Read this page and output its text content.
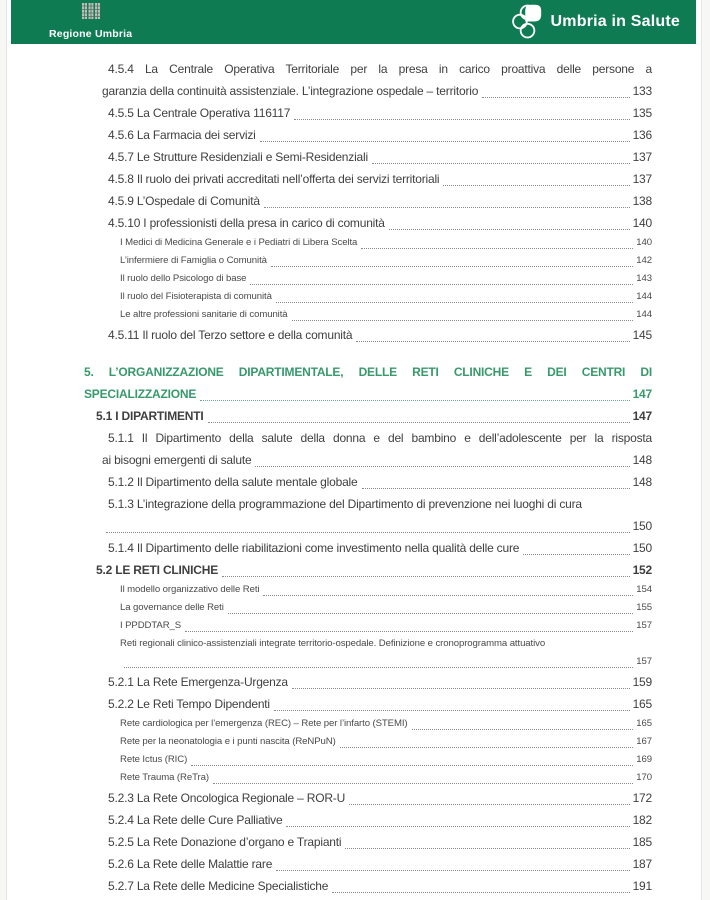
Regione Umbria
Umbria in Salute
4.5.4 La Centrale Operativa Territoriale per la presa in carico proattiva delle persone a
garanzia della continuità assistenziale. L’integrazione ospedale – territorio	133
4.5.5 La Centrale Operativa 116117	135
4.5.6 La Farmacia dei servizi	136
4.5.7 Le Strutture Residenziali e Semi-Residenziali	137
4.5.8 Il ruolo dei privati accreditati nell’offerta dei servizi territoriali	137
4.5.9 L’Ospedale di Comunità	138
4.5.10 I professionisti della presa in carico di comunità	140
I Medici di Medicina Generale e i Pediatri di Libera Scelta	140
L’infermiere di Famiglia o Comunità	142
Il ruolo dello Psicologo di base	143
Il ruolo del Fisioterapista di comunità	144
Le altre professioni sanitarie di comunità	144
4.5.11 Il ruolo del Terzo settore e della comunità	145
5. L’ORGANIZZAZIONE DIPARTIMENTALE, DELLE RETI CLINICHE E DEI CENTRI DI
SPECIALIZZAZIONE	147
5.1 I DIPARTIMENTI	147
5.1.1 Il Dipartimento della salute della donna e del bambino e dell’adolescente per la risposta
ai bisogni emergenti di salute	148
5.1.2 Il Dipartimento della salute mentale globale	148
5.1.3 L’integrazione della programmazione del Dipartimento di prevenzione nei luoghi di cura
150
5.1.4 Il Dipartimento delle riabilitazioni come investimento nella qualità delle cure	150
5.2 LE RETI CLINICHE	152
Il modello organizzativo delle Reti	154
La governance delle Reti	155
I PPDDTAR_S	157
Reti regionali clinico-assistenziali integrate territorio-ospedale. Definizione e cronoprogramma attuativo
157
5.2.1 La Rete Emergenza-Urgenza	159
5.2.2 Le Reti Tempo Dipendenti	165
Rete cardiologica per l’emergenza (REC) – Rete per l’infarto (STEMI)	165
Rete per la neonatologia e i punti nascita (ReNPuN)	167
Rete Ictus (RIC)	169
Rete Trauma (ReTra)	170
5.2.3 La Rete Oncologica Regionale – ROR-U	172
5.2.4 La Rete delle Cure Palliative	182
5.2.5 La Rete Donazione d’organo e Trapianti	185
5.2.6 La Rete delle Malattie rare	187
5.2.7 La Rete delle Medicine Specialistiche	191
